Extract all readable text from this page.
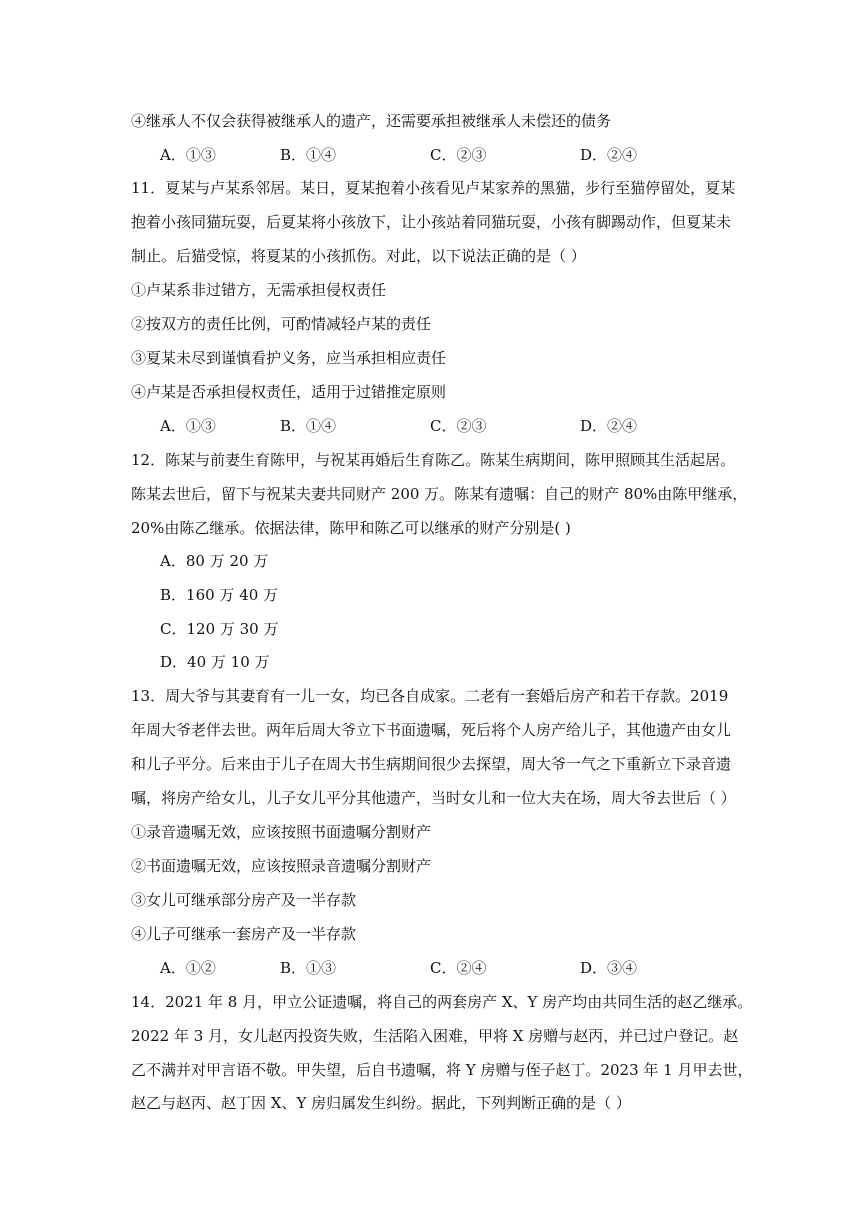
④继承人不仅会获得被继承人的遗产，还需要承担被继承人未偿还的债务
A．①③	B．①④	C．②③	D．②④
11．夏某与卢某系邻居。某日，夏某抱着小孩看见卢某家养的黑猫，步行至猫停留处，夏某
抱着小孩同猫玩耍，后夏某将小孩放下，让小孩站着同猫玩耍，小孩有脚踢动作，但夏某未
制止。后猫受惊，将夏某的小孩抓伤。对此，以下说法正确的是（ ）
①卢某系非过错方，无需承担侵权责任
②按双方的责任比例，可酌情减轻卢某的责任
③夏某未尽到谨慎看护义务，应当承担相应责任
④卢某是否承担侵权责任，适用于过错推定原则
A．①③	B．①④	C．②③	D．②④
12．陈某与前妻生育陈甲，与祝某再婚后生育陈乙。陈某生病期间，陈甲照顾其生活起居。
陈某去世后，留下与祝某夫妻共同财产 200 万。陈某有遗嘱：自己的财产 80%由陈甲继承，
20%由陈乙继承。依据法律，陈甲和陈乙可以继承的财产分别是( )
A．80 万 20 万
B．160 万 40 万
C．120 万 30 万
D．40 万 10 万
13．周大爷与其妻育有一儿一女，均已各自成家。二老有一套婚后房产和若干存款。2019
年周大爷老伴去世。两年后周大爷立下书面遗嘱，死后将个人房产给儿子，其他遗产由女儿
和儿子平分。后来由于儿子在周大书生病期间很少去探望，周大爷一气之下重新立下录音遗
嘱，将房产给女儿，儿子女儿平分其他遗产，当时女儿和一位大夫在场，周大爷去世后（ ）
①录音遗嘱无效，应该按照书面遗嘱分割财产
②书面遗嘱无效，应该按照录音遗嘱分割财产
③女儿可继承部分房产及一半存款
④儿子可继承一套房产及一半存款
A．①②	B．①③	C．②④	D．③④
14．2021 年 8 月，甲立公证遗嘱，将自己的两套房产 X、Y 房产均由共同生活的赵乙继承。
2022 年 3 月，女儿赵丙投资失败，生活陷入困难，甲将 X 房赠与赵丙，并已过户登记。赵
乙不满并对甲言语不敬。甲失望，后自书遗嘱，将 Y 房赠与侄子赵丁。2023 年 1 月甲去世，
赵乙与赵丙、赵丁因 X、Y 房归属发生纠纷。据此，下列判断正确的是（ ）
